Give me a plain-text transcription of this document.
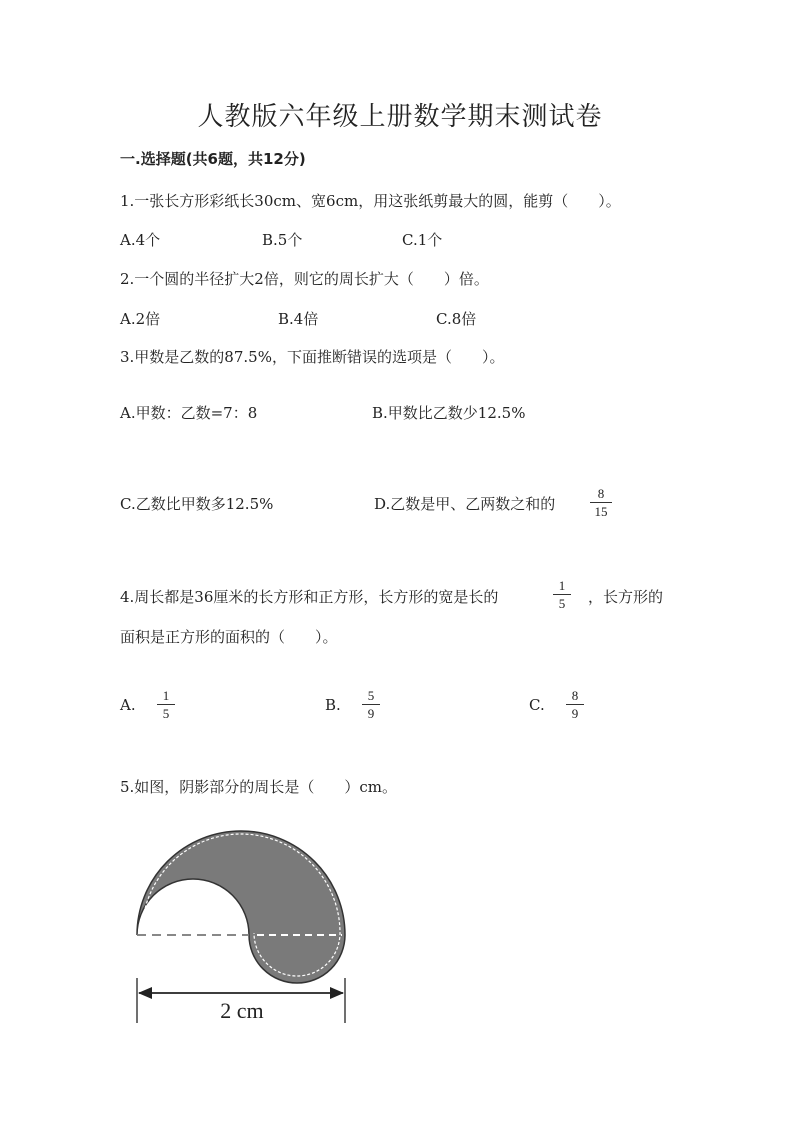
人教版六年级上册数学期末测试卷
一.选择题(共6题，共12分)
1.一张长方形彩纸长30cm、宽6cm，用这张纸剪最大的圆，能剪（　　）。
A.4个	B.5个	C.1个
2.一个圆的半径扩大2倍，则它的周长扩大（　　）倍。
A.2倍	B.4倍	C.8倍
3.甲数是乙数的87.5%，下面推断错误的选项是（　　）。
A.甲数：乙数=7：8	B.甲数比乙数少12.5%
C.乙数比甲数多12.5%	D.乙数是甲、乙两数之和的
8
15
4.周长都是36厘米的长方形和正方形，长方形的宽是长的
1
5 ，长方形的
面积是正方形的面积的（　　）。
A.
1
5	B.
5
9	C.
8
9
5.如图，阴影部分的周长是（　　）cm。
2 cm
